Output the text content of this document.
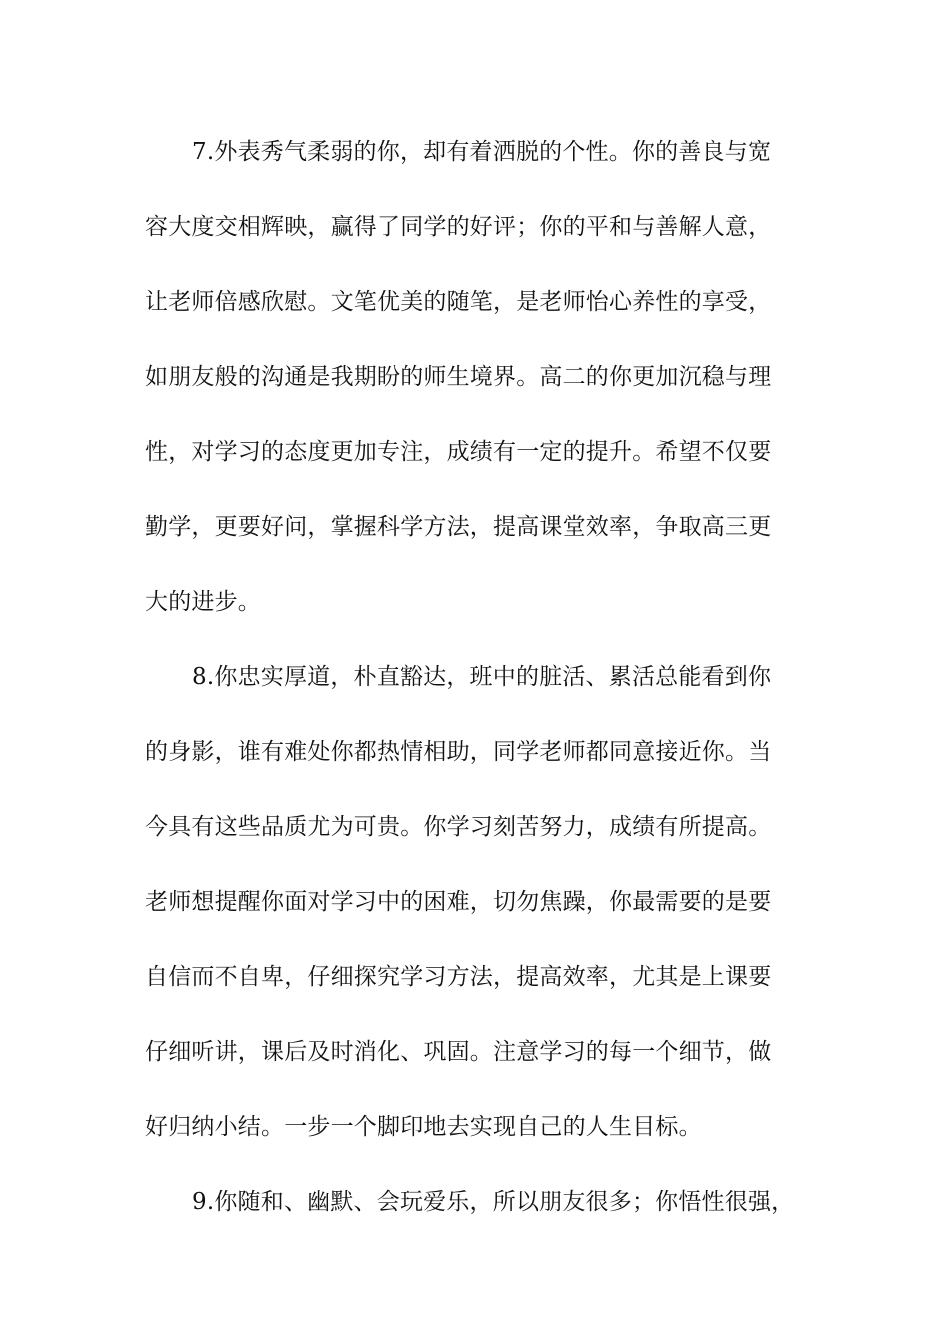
7.外表秀气柔弱的你，却有着洒脱的个性。你的善良与宽
容大度交相辉映，赢得了同学的好评；你的平和与善解人意，
让老师倍感欣慰。文笔优美的随笔，是老师怡心养性的享受，
如朋友般的沟通是我期盼的师生境界。高二的你更加沉稳与理
性，对学习的态度更加专注，成绩有一定的提升。希望不仅要
勤学，更要好问，掌握科学方法，提高课堂效率，争取高三更
大的进步。
8.你忠实厚道，朴直豁达，班中的脏活、累活总能看到你
的身影，谁有难处你都热情相助，同学老师都同意接近你。当
今具有这些品质尤为可贵。你学习刻苦努力，成绩有所提高。
老师想提醒你面对学习中的困难，切勿焦躁，你最需要的是要
自信而不自卑，仔细探究学习方法，提高效率，尤其是上课要
仔细听讲，课后及时消化、巩固。注意学习的每一个细节，做
好归纳小结。一步一个脚印地去实现自己的人生目标。
9.你随和、幽默、会玩爱乐，所以朋友很多；你悟性很强，
